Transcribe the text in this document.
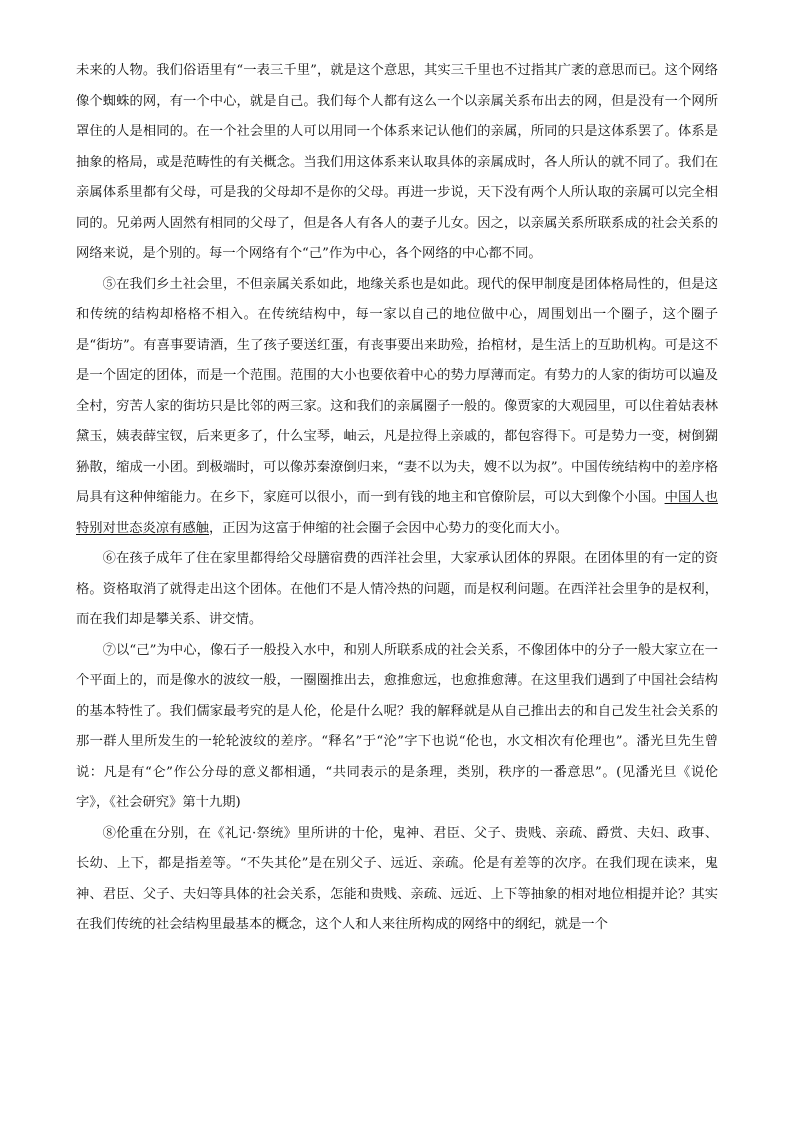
未来的人物。我们俗语里有“一表三千里”，就是这个意思，其实三千里也不过指其广袤的意思而已。这个网络像个蜘蛛的网，有一个中心，就是自己。我们每个人都有这么一个以亲属关系布出去的网，但是没有一个网所罩住的人是相同的。在一个社会里的人可以用同一个体系来记认他们的亲属，所同的只是这体系罢了。体系是抽象的格局，或是范畴性的有关概念。当我们用这体系来认取具体的亲属成时，各人所认的就不同了。我们在亲属体系里都有父母，可是我的父母却不是你的父母。再进一步说，天下没有两个人所认取的亲属可以完全相同的。兄弟两人固然有相同的父母了，但是各人有各人的妻子儿女。因之，以亲属关系所联系成的社会关系的网络来说，是个别的。每一个网络有个“己”作为中心，各个网络的中心都不同。

⑤在我们乡土社会里，不但亲属关系如此，地缘关系也是如此。现代的保甲制度是团体格局性的，但是这和传统的结构却格格不相入。在传统结构中，每一家以自己的地位做中心，周围划出一个圈子，这个圈子是“街坊”。有喜事要请酒，生了孩子要送红蛋，有丧事要出来助殓，抬棺材，是生活上的互助机构。可是这不是一个固定的团体，而是一个范围。范围的大小也要依着中心的势力厚薄而定。有势力的人家的街坊可以遍及全村，穷苦人家的街坊只是比邻的两三家。这和我们的亲属圈子一般的。像贾家的大观园里，可以住着姑表林黛玉，姨表薛宝钗，后来更多了，什么宝琴，岫云，凡是拉得上亲戚的，都包容得下。可是势力一变，树倒猢狲散，缩成一小团。到极端时，可以像苏秦潦倒归来，“妻不以为夫，嫂不以为叔”。中国传统结构中的差序格局具有这种伸缩能力。在乡下，家庭可以很小，而一到有钱的地主和官僚阶层，可以大到像个小国。中国人也特别对世态炎凉有感触，正因为这富于伸缩的社会圈子会因中心势力的变化而大小。

⑥在孩子成年了住在家里都得给父母膳宿费的西洋社会里，大家承认团体的界限。在团体里的有一定的资格。资格取消了就得走出这个团体。在他们不是人情冷热的问题，而是权利问题。在西洋社会里争的是权利，而在我们却是攀关系、讲交情。

⑦以“己”为中心，像石子一般投入水中，和别人所联系成的社会关系，不像团体中的分子一般大家立在一个平面上的，而是像水的波纹一般，一圈圈推出去，愈推愈远，也愈推愈薄。在这里我们遇到了中国社会结构的基本特性了。我们儒家最考究的是人伦，伦是什么呢？我的解释就是从自己推出去的和自己发生社会关系的那一群人里所发生的一轮轮波纹的差序。“释名”于“沦”字下也说“伦也，水文相次有伦理也”。潘光旦先生曾说：凡是有“仑”作公分母的意义都相通，“共同表示的是条理，类别，秩序的一番意思”。(见潘光旦《说伦字》，《社会研究》第十九期)

⑧伦重在分别，在《礼记·祭统》里所讲的十伦，鬼神、君臣、父子、贵贱、亲疏、爵赏、夫妇、政事、长幼、上下，都是指差等。“不失其伦”是在别父子、远近、亲疏。伦是有差等的次序。在我们现在读来，鬼神、君臣、父子、夫妇等具体的社会关系，怎能和贵贱、亲疏、远近、上下等抽象的相对地位相提并论？其实在我们传统的社会结构里最基本的概念，这个人和人来往所构成的网络中的纲纪，就是一个
